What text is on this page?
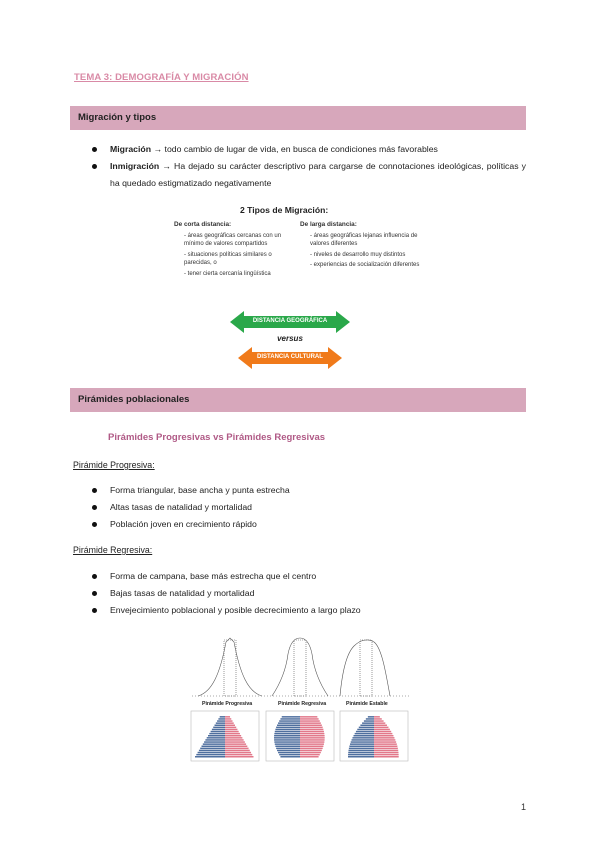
TEMA 3: DEMOGRAFÍA Y MIGRACIÓN
Migración y tipos
Migración → todo cambio de lugar de vida, en busca de condiciones más favorables
Inmigración → Ha dejado su carácter descriptivo para cargarse de connotaciones ideológicas, políticas y ha quedado estigmatizado negativamente
2 Tipos de Migración:
De corta distancia:
- áreas geográficas cercanas con un mínimo de valores compartidos
- situaciones políticas similares o parecidas, o
- tener cierta cercanía lingüística
De larga distancia:
- áreas geográficas lejanas influencia de valores diferentes
- niveles de desarrollo muy distintos
- experiencias de socialización diferentes
DISTANCIA GEOGRÁFICA
versus
DISTANCIA CULTURAL
Pirámides poblacionales
Pirámides Progresivas vs Pirámides Regresivas
Pirámide Progresiva:
Forma triangular, base ancha y punta estrecha
Altas tasas de natalidad y mortalidad
Población joven en crecimiento rápido
Pirámide Regresiva:
Forma de campana, base más estrecha que el centro
Bajas tasas de natalidad y mortalidad
Envejecimiento poblacional y posible decrecimiento a largo plazo
Pirámide Progresiva	Pirámide Regresiva	Pirámide Estable
1
